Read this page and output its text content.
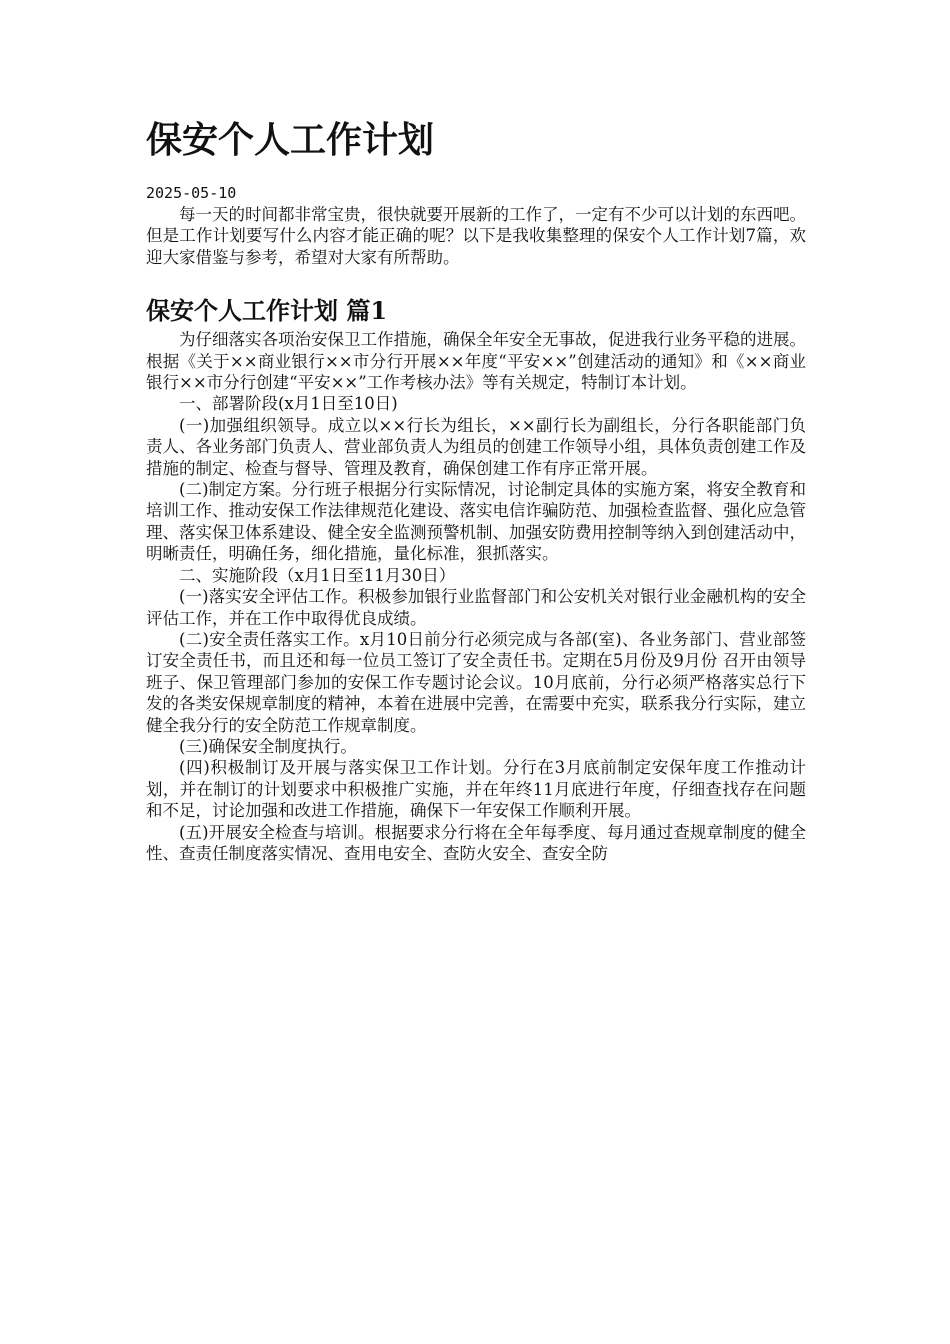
保安个人工作计划
2025-05-10

每一天的时间都非常宝贵，很快就要开展新的工作了，一定有不少可以计划的东西吧。但是工作计划要写什么内容才能正确的呢？以下是我收集整理的保安个人工作计划7篇，欢迎大家借鉴与参考，希望对大家有所帮助。

保安个人工作计划 篇1

为仔细落实各项治安保卫工作措施，确保全年安全无事故，促进我行业务平稳的进展。根据《关于××商业银行××市分行开展××年度“平安××”创建活动的通知》和《××商业银行××市分行创建“平安××”工作考核办法》等有关规定，特制订本计划。

一、部署阶段(x月1日至10日)

(一)加强组织领导。成立以××行长为组长，××副行长为副组长，分行各职能部门负责人、各业务部门负责人、营业部负责人为组员的创建工作领导小组，具体负责创建工作及措施的制定、检查与督导、管理及教育，确保创建工作有序正常开展。

(二)制定方案。分行班子根据分行实际情况，讨论制定具体的实施方案，将安全教育和培训工作、推动安保工作法律规范化建设、落实电信诈骗防范、加强检查监督、强化应急管理、落实保卫体系建设、健全安全监测预警机制、加强安防费用控制等纳入到创建活动中，明晰责任，明确任务，细化措施，量化标准，狠抓落实。

二、实施阶段（x月1日至11月30日）

(一)落实安全评估工作。积极参加银行业监督部门和公安机关对银行业金融机构的安全评估工作，并在工作中取得优良成绩。

(二)安全责任落实工作。x月10日前分行必须完成与各部(室)、各业务部门、营业部签订安全责任书，而且还和每一位员工签订了安全责任书。定期在5月份及9月份 召开由领导班子、保卫管理部门参加的安保工作专题讨论会议。10月底前，分行必须严格落实总行下发的各类安保规章制度的精神，本着在进展中完善，在需要中充实，联系我分行实际，建立健全我分行的安全防范工作规章制度。

(三)确保安全制度执行。

(四)积极制订及开展与落实保卫工作计划。分行在3月底前制定安保年度工作推动计划，并在制订的计划要求中积极推广实施，并在年终11月底进行年度，仔细查找存在问题和不足，讨论加强和改进工作措施，确保下一年安保工作顺利开展。

(五)开展安全检查与培训。根据要求分行将在全年每季度、每月通过查规章制度的健全性、查责任制度落实情况、查用电安全、查防火安全、查安全防
